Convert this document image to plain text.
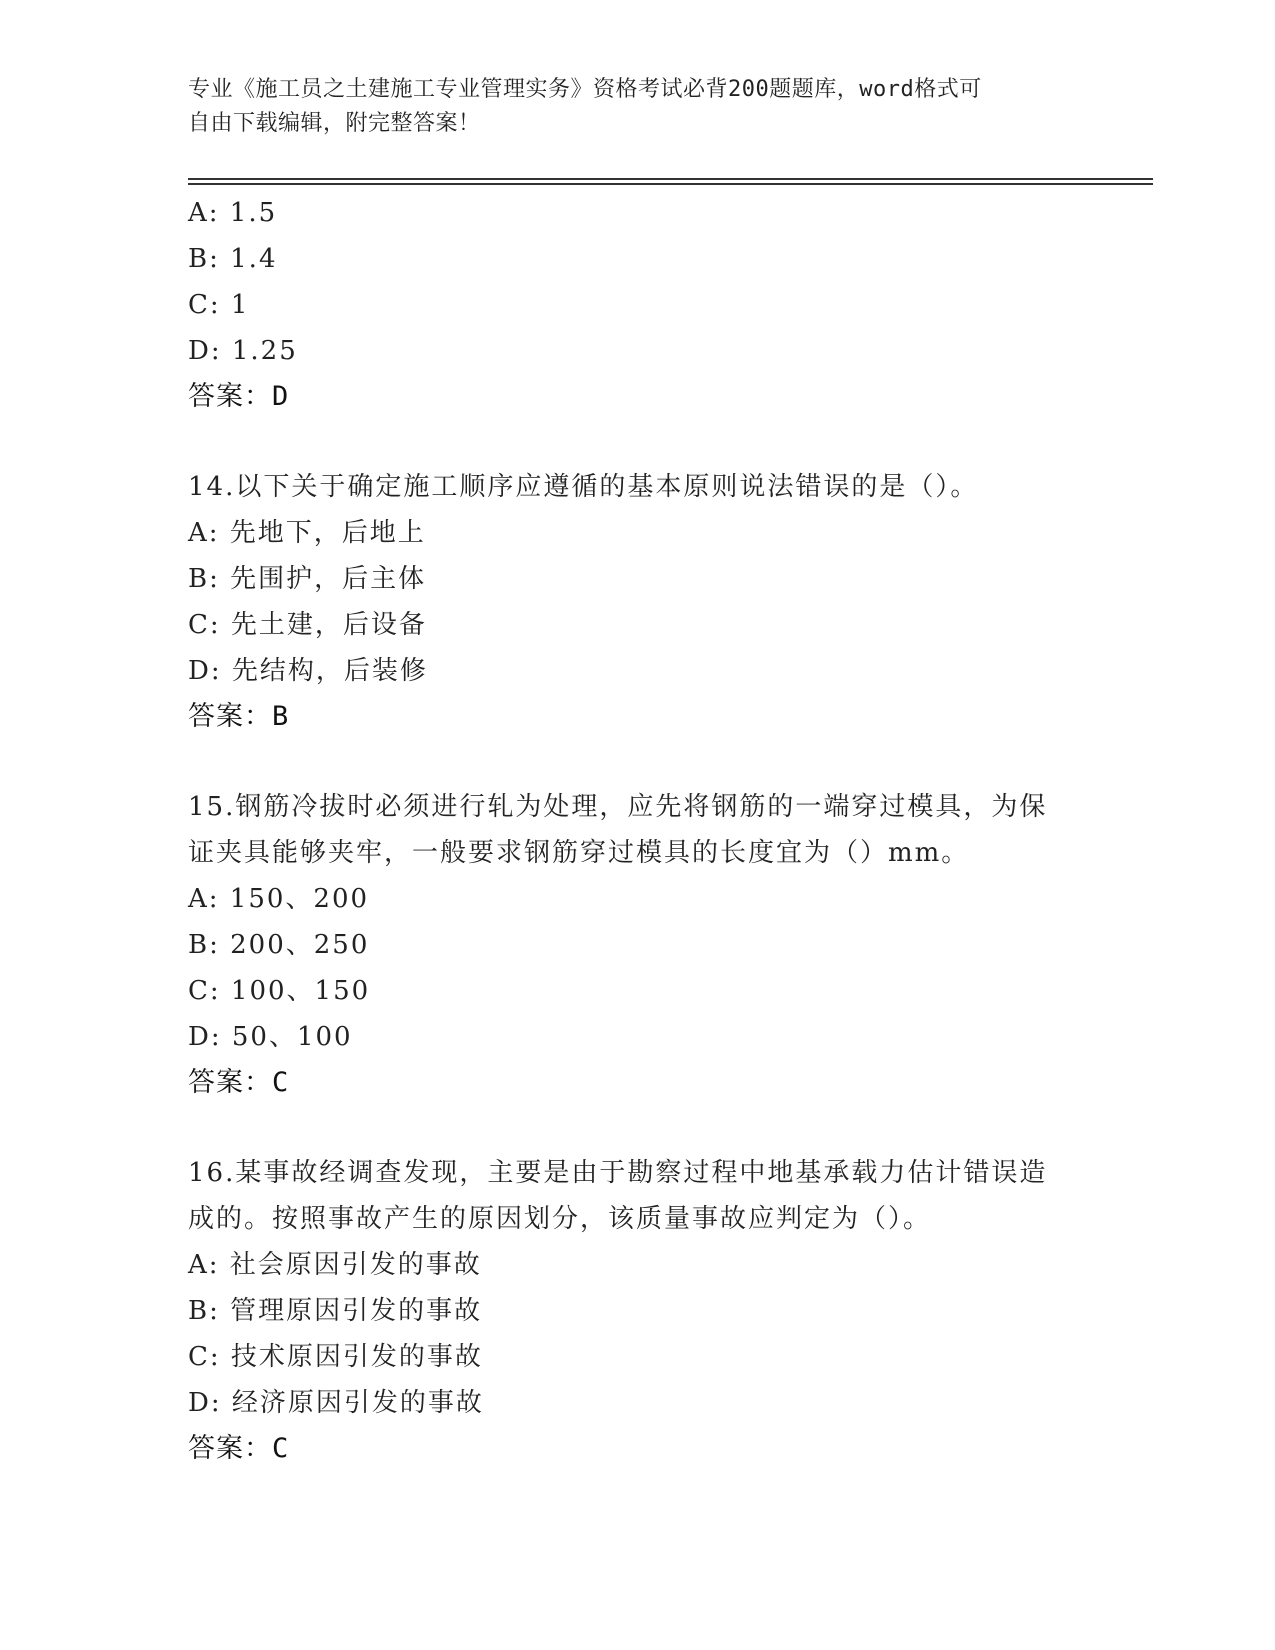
专业《施工员之土建施工专业管理实务》资格考试必背200题题库，word格式可
自由下载编辑，附完整答案！
A: 1.5
B: 1.4
C: 1
D: 1.25
答案：D
14.以下关于确定施工顺序应遵循的基本原则说法错误的是（）。
A: 先地下，后地上
B: 先围护，后主体
C: 先土建，后设备
D: 先结构，后装修
答案：B
15.钢筋冷拔时必须进行轧为处理，应先将钢筋的一端穿过模具，为保
证夹具能够夹牢，一般要求钢筋穿过模具的长度宜为（）mm。
A: 150、200
B: 200、250
C: 100、150
D: 50、100
答案：C
16.某事故经调查发现，主要是由于勘察过程中地基承载力估计错误造
成的。按照事故产生的原因划分，该质量事故应判定为（）。
A: 社会原因引发的事故
B: 管理原因引发的事故
C: 技术原因引发的事故
D: 经济原因引发的事故
答案：C
